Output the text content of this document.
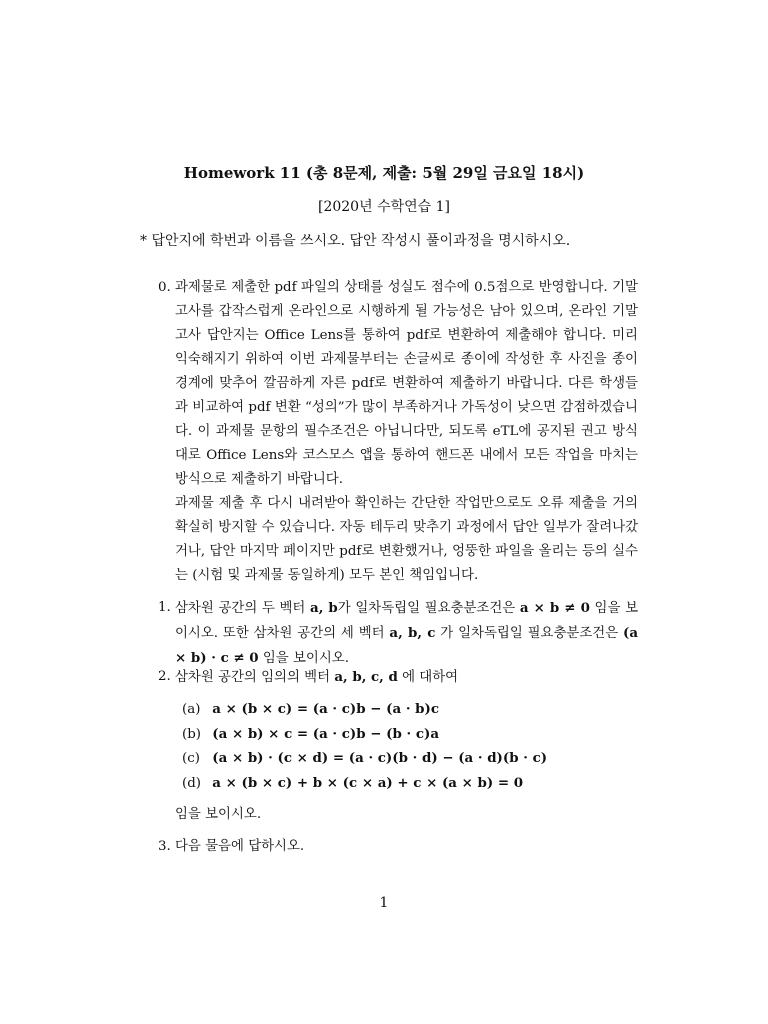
Homework 11 (총 8문제, 제출: 5월 29일 금요일 18시)
[2020년 수학연습 1]
* 답안지에 학번과 이름을 쓰시오. 답안 작성시 풀이과정을 명시하시오.
0. 과제물로 제출한 pdf 파일의 상태를 성실도 점수에 0.5점으로 반영합니다. 기말고사를 갑작스럽게 온라인으로 시행하게 될 가능성은 남아 있으며, 온라인 기말고사 답안지는 Office Lens를 통하여 pdf로 변환하여 제출해야 합니다. 미리 익숙해지기 위하여 이번 과제물부터는 손글씨로 종이에 작성한 후 사진을 종이 경계에 맞추어 깔끔하게 자른 pdf로 변환하여 제출하기 바랍니다. 다른 학생들과 비교하여 pdf 변환 “성의”가 많이 부족하거나 가독성이 낮으면 감점하겠습니다. 이 과제물 문항의 필수조건은 아닙니다만, 되도록 eTL에 공지된 권고 방식대로 Office Lens와 코스모스 앱을 통하여 핸드폰 내에서 모든 작업을 마치는 방식으로 제출하기 바랍니다.
과제물 제출 후 다시 내려받아 확인하는 간단한 작업만으로도 오류 제출을 거의 확실히 방지할 수 있습니다. 자동 테두리 맞추기 과정에서 답안 일부가 잘려나갔거나, 답안 마지막 페이지만 pdf로 변환했거나, 엉뚱한 파일을 올리는 등의 실수는 (시험 및 과제물 동일하게) 모두 본인 책임입니다.
1. 삼차원 공간의 두 벡터 a, b가 일차독립일 필요충분조건은 a × b ≠ 0 임을 보이시오. 또한 삼차원 공간의 세 벡터 a, b, c 가 일차독립일 필요충분조건은 (a × b) · c ≠ 0 임을 보이시오.
2. 삼차원 공간의 임의의 벡터 a, b, c, d 에 대하여
(a) a × (b × c) = (a · c)b − (a · b)c
(b) (a × b) × c = (a · c)b − (b · c)a
(c) (a × b) · (c × d) = (a · c)(b · d) − (a · d)(b · c)
(d) a × (b × c) + b × (c × a) + c × (a × b) = 0
임을 보이시오.
3. 다음 물음에 답하시오.
1
